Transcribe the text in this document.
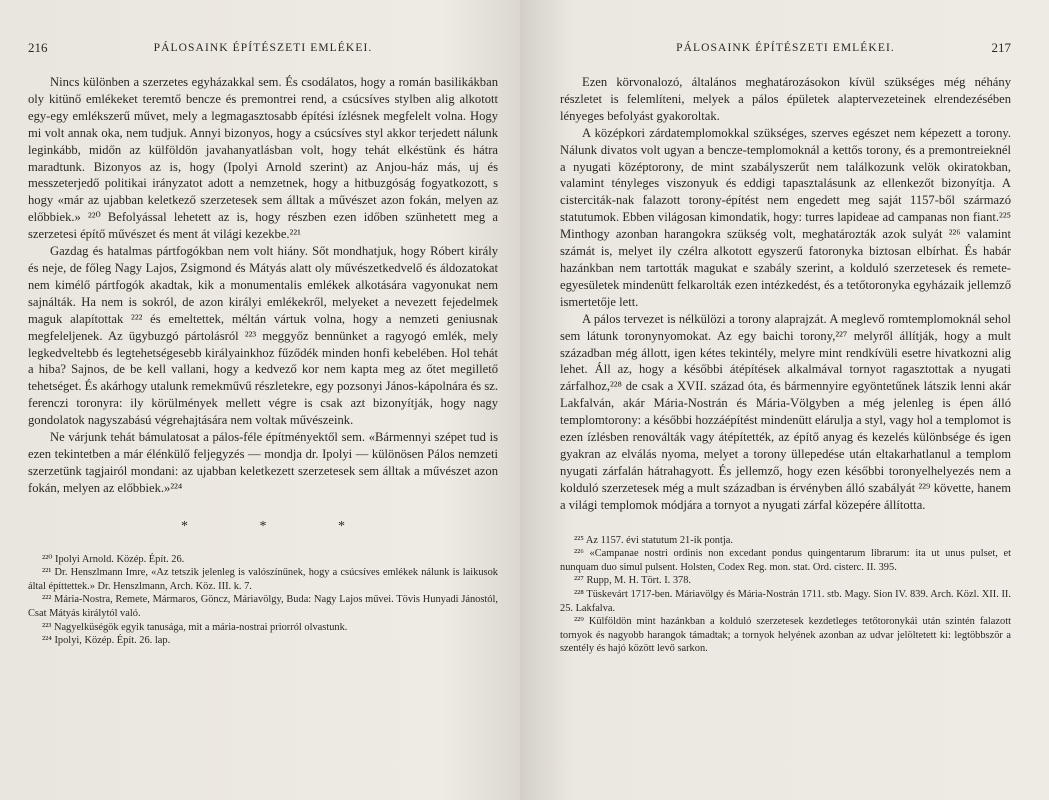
216	PÁLOSAINK ÉPÍTÉSZETI EMLÉKEI.

Nincs különben a szerzetes egyházakkal sem. És csodálatos, hogy a román basilikákban oly kitünő emlékeket teremtő bencze és premontrei rend, a csúcsíves stylben alig alkotott egy-egy emlékszerű művet, mely a legmagasztosabb építési ízlésnek megfelelt volna. Hogy mi volt annak oka, nem tudjuk. Annyi bizonyos, hogy a csúcsíves styl akkor terjedett nálunk leginkább, midőn az külföldön javahanyatlásban volt, hogy tehát elkéstünk és hátra maradtunk. Bizonyos az is, hogy (Ipolyi Arnold szerint) az Anjou-ház más, uj és messzeterjedő politikai irányzatot adott a nemzetnek, hogy a hitbuzgóság fogyatkozott, s hogy «már az ujabban keletkező szerzetesek sem álltak a művészet azon fokán, melyen az előbbiek.» ²²⁰ Befolyással lehetett az is, hogy részben ezen időben szünhetett meg a szerzetesi építő művészet és ment át világi kezekbe.²²¹

Gazdag és hatalmas pártfogókban nem volt hiány. Sőt mondhatjuk, hogy Róbert király és neje, de főleg Nagy Lajos, Zsigmond és Mátyás alatt oly művészetkedvelő és áldozatokat nem kimélő pártfogók akadtak, kik a monumentalis emlékek alkotására vagyonukat nem sajnálták. Ha nem is sokról, de azon királyi emlékekről, melyeket a nevezett fejedelmek maguk alapítottak ²²² és emeltettek, méltán vártuk volna, hogy a nemzeti geniusnak megfeleljenek. Az ügybuzgó pártolásról ²²³ meggyőz bennünket a ragyogó emlék, mely legkedveltebb és legtehetségesebb királyainkhoz fűződék minden honfi kebelében. Hol tehát a hiba? Sajnos, de be kell vallani, hogy a kedvező kor nem kapta meg az őtet megillető tehetséget. És akárhogy utalunk remekművű részletekre, egy pozsonyi János-kápolnára és sz. ferenczi toronyra: ily körülmények mellett végre is csak azt bizonyítják, hogy nagy gondolatok nagyszabású végrehajtására nem voltak művészeink.

Ne várjunk tehát bámulatosat a pálos-féle építményektől sem. «Bármennyi szépet tud is ezen tekintetben a már élénkülő feljegyzés — mondja dr. Ipolyi — különösen Pálos nemzeti szerzetünk tagjairól mondani: az ujabban keletkezett szerzetesek sem álltak a művészet azon fokán, melyen az előbbiek.»²²⁴

* * *

²²⁰ Ipolyi Arnold. Közép. Épít. 26.

²²¹ Dr. Henszlmann Imre, «Az tetszik jelenleg is valószínűnek, hogy a csúcsíves emlékek nálunk is laikusok által építtettek.» Dr. Henszlmann, Arch. Köz. III. k. 7.

²²² Mária-Nostra, Remete, Mármaros, Göncz, Máriavölgy, Buda: Nagy Lajos művei. Tövis Hunyadi Jánostól, Csat Mátyás királytól való.

²²³ Nagyelküségök egyik tanusága, mit a mária-nostrai priorról olvastunk.

²²⁴ Ipolyi, Közép. Épít. 26. lap.

PÁLOSAINK ÉPÍTÉSZETI EMLÉKEI.	217

Ezen körvonalozó, általános meghatározásokon kívül szükséges még néhány részletet is felemlíteni, melyek a pálos épületek alaptervezeteinek elrendezésében lényeges befolyást gyakoroltak.

A középkori zárdatemplomokkal szükséges, szerves egészet nem képezett a torony. Nálunk divatos volt ugyan a bencze-templomoknál a kettős torony, és a premontreieknél a nyugati középtorony, de mint szabályszerűt nem találkozunk velök okiratokban, valamint tényleges viszonyuk és eddigi tapasztalásunk az ellenkezőt bizonyítja. A cisterciták-nak falazott torony-építést nem engedett meg saját 1157-ből származó statutumok. Ebben világosan kimondatik, hogy: turres lapideae ad campanas non fiant.²²⁵ Minthogy azonban harangokra szükség volt, meghatározták azok sulyát ²²⁶ valamint számát is, melyet ily czélra alkotott egyszerű fatoronyka biztosan elbírhat. És habár hazánkban nem tartották magukat e szabály szerint, a kolduló szerzetesek és remete-egyesületek mindenütt felkarolták ezen intézkedést, és a tetőtoronyka egyházaik jellemző ismertetője lett.

A pálos tervezet is nélkülözi a torony alaprajzát. A meglevő romtemplomoknál sehol sem látunk toronynyomokat. Az egy baichi torony,²²⁷ melyről állítják, hogy a mult században még állott, igen kétes tekintély, melyre mint rendkívüli esetre hivatkozni alig lehet. Áll az, hogy a későbbi átépítések alkalmával tornyot ragasztottak a nyugati zárfalhoz,²²⁸ de csak a XVII. század óta, és bármennyire egyöntetűnek látszik lenni akár Lakfalván, akár Mária-Nostrán és Mária-Völgyben a még jelenleg is épen álló templomtorony: a későbbi hozzáépítést mindenütt elárulja a styl, vagy hol a templomot is ezen ízlésben renoválták vagy átépítették, az építő anyag és kezelés különbsége és igen gyakran az elválás nyoma, melyet a torony üllepedése után eltakarhatlanul a templom nyugati zárfalán hátrahagyott. És jellemző, hogy ezen későbbi toronyelhelyezés nem a kolduló szerzetesek még a mult században is érvényben álló szabályát ²²⁹ követte, hanem a világi templomok módjára a tornyot a nyugati zárfal közepére állította.

²²⁵ Az 1157. évi statutum 21-ik pontja.

²²⁶ «Campanae nostri ordinis non excedant pondus quingentarum librarum: ita ut unus pulset, et nunquam duo simul pulsent. Holsten, Codex Reg. mon. stat. Ord. cisterc. II. 395.

²²⁷ Rupp, M. H. Tört. I. 378.

²²⁸ Tüskevárt 1717-ben. Máriavölgy és Mária-Nostrán 1711. stb. Magy. Sion IV. 839. Arch. Közl. XII. II. 25. Lakfalva.

²²⁹ Külföldön mint hazánkban a kolduló szerzetesek kezdetleges tetőtoronykái után szintén falazott tornyok és nagyobb harangok támadtak; a tornyok helyének azonban az udvar jelöltetett ki: legtöbbször a szentély és hajó között levő sarkon.
